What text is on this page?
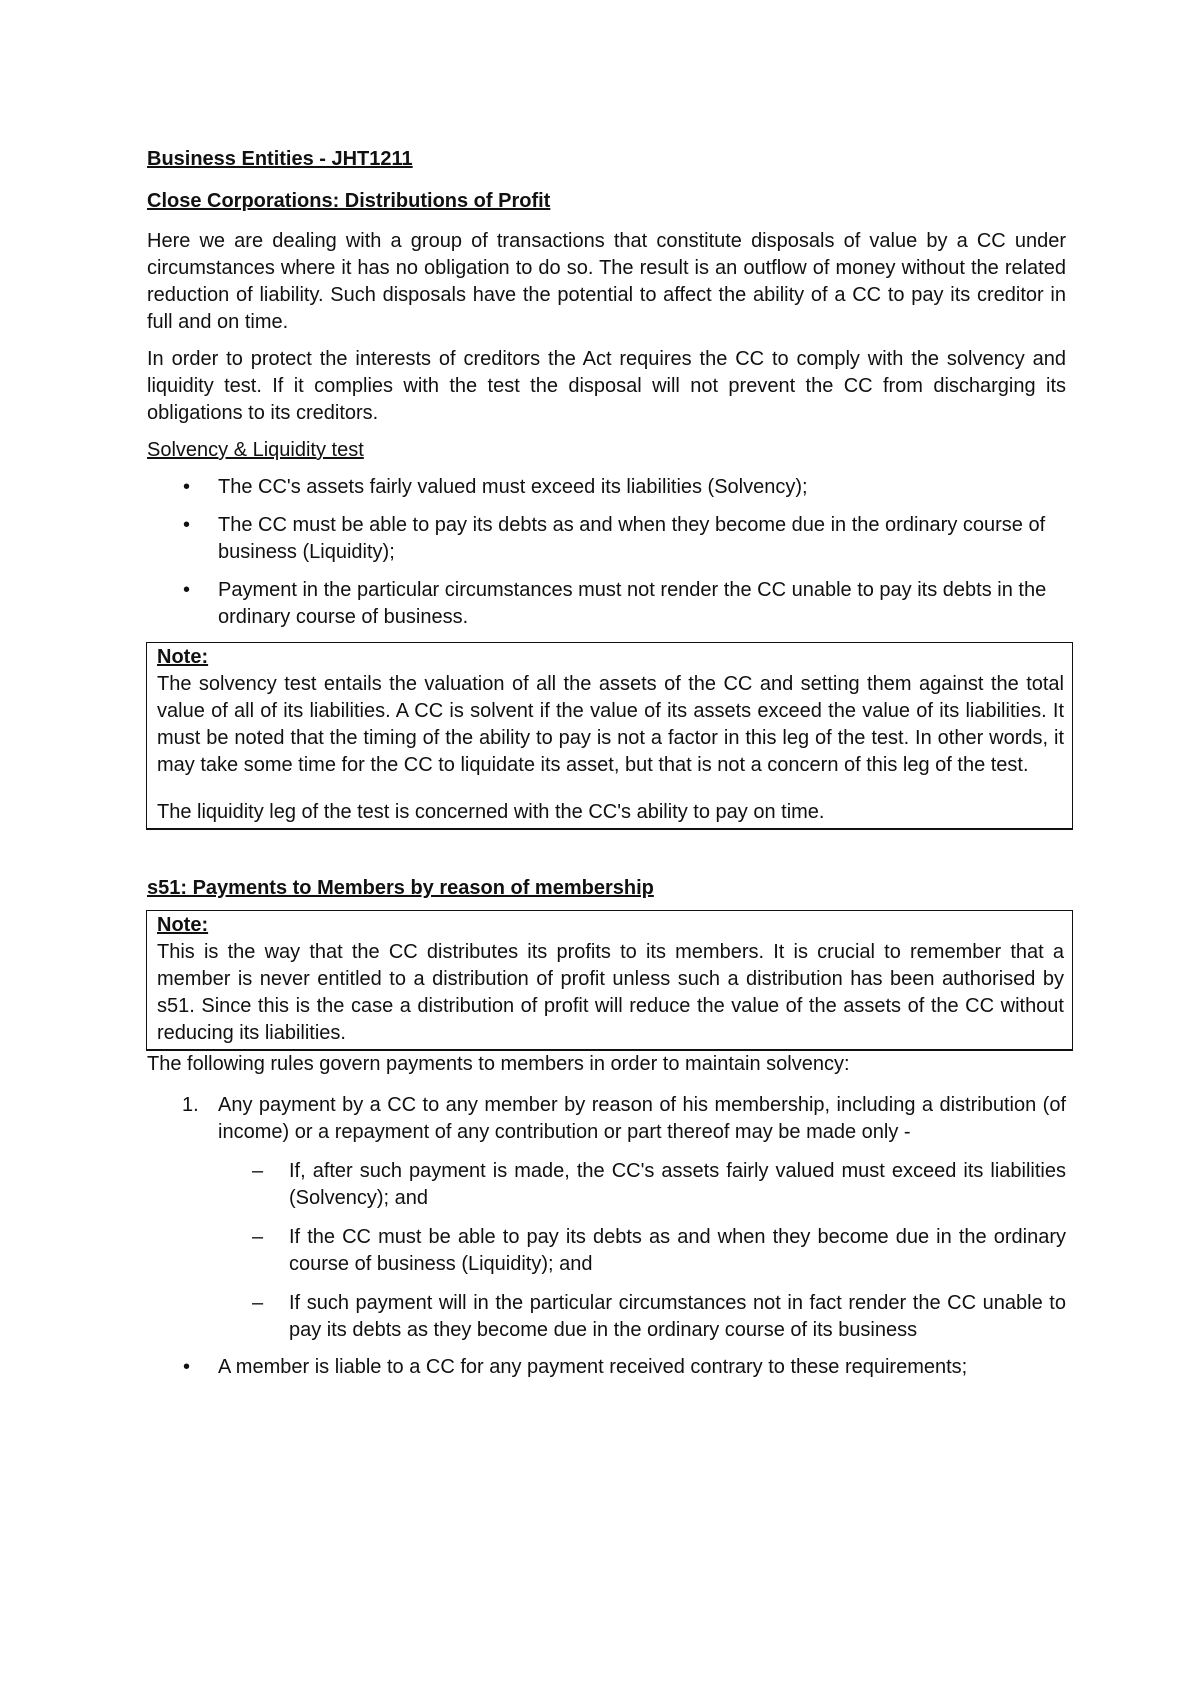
Business Entities - JHT1211

Close Corporations: Distributions of Profit

Here we are dealing with a group of transactions that constitute disposals of value by a CC under circumstances where it has no obligation to do so. The result is an outflow of money without the related reduction of liability. Such disposals have the potential to affect the ability of a CC to pay its creditor in full and on time.

In order to protect the interests of creditors the Act requires the CC to comply with the solvency and liquidity test. If it complies with the test the disposal will not prevent the CC from discharging its obligations to its creditors.

Solvency & Liquidity test

• The CC's assets fairly valued must exceed its liabilities (Solvency);
• The CC must be able to pay its debts as and when they become due in the ordinary course of business (Liquidity);
• Payment in the particular circumstances must not render the CC unable to pay its debts in the ordinary course of business.
Note:
The solvency test entails the valuation of all the assets of the CC and setting them against the total value of all of its liabilities. A CC is solvent if the value of its assets exceed the value of its liabilities. It must be noted that the timing of the ability to pay is not a factor in this leg of the test. In other words, it may take some time for the CC to liquidate its asset, but that is not a concern of this leg of the test.
The liquidity leg of the test is concerned with the CC's ability to pay on time.

s51: Payments to Members by reason of membership

Note:
This is the way that the CC distributes its profits to its members. It is crucial to remember that a member is never entitled to a distribution of profit unless such a distribution has been authorised by s51. Since this is the case a distribution of profit will reduce the value of the assets of the CC without reducing its liabilities.

The following rules govern payments to members in order to maintain solvency:

1. Any payment by a CC to any member by reason of his membership, including a distribution (of income) or a repayment of any contribution or part thereof may be made only -
– If, after such payment is made, the CC's assets fairly valued must exceed its liabilities (Solvency); and
– If the CC must be able to pay its debts as and when they become due in the ordinary course of business (Liquidity); and
– If such payment will in the particular circumstances not in fact render the CC unable to pay its debts as they become due in the ordinary course of its business
• A member is liable to a CC for any payment received contrary to these requirements;
